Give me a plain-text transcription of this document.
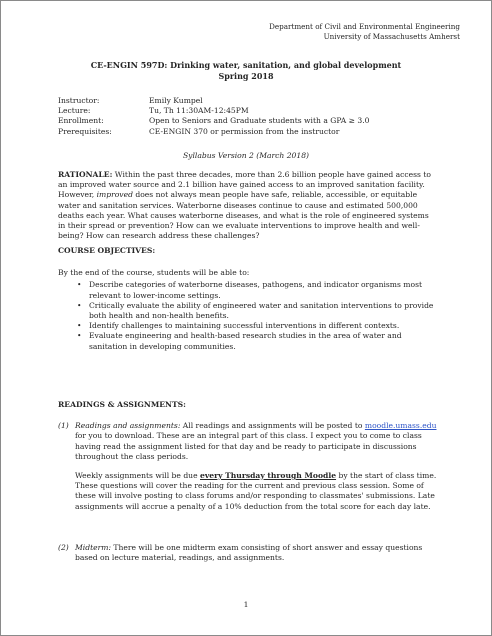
Department of Civil and Environmental Engineering
University of Massachusetts Amherst
CE-ENGIN 597D: Drinking water, sanitation, and global development
Spring 2018
Instructor:	Emily Kumpel
Lecture:	Tu, Th 11:30AM-12:45PM
Enrollment:	Open to Seniors and Graduate students with a GPA ≥ 3.0
Prerequisites:	CE-ENGIN 370 or permission from the instructor
Syllabus Version 2 (March 2018)
RATIONALE: Within the past three decades, more than 2.6 billion people have gained access to an improved water source and 2.1 billion have gained access to an improved sanitation facility. However, improved does not always mean people have safe, reliable, accessible, or equitable water and sanitation services. Waterborne diseases continue to cause and estimated 500,000 deaths each year. What causes waterborne diseases, and what is the role of engineered systems in their spread or prevention? How can we evaluate interventions to improve health and well-being? How can research address these challenges?
COURSE OBJECTIVES:
By the end of the course, students will be able to:
• Describe categories of waterborne diseases, pathogens, and indicator organisms most relevant to lower-income settings.
• Critically evaluate the ability of engineered water and sanitation interventions to provide both health and non-health benefits.
• Identify challenges to maintaining successful interventions in different contexts.
• Evaluate engineering and health-based research studies in the area of water and sanitation in developing communities.
READINGS & ASSIGNMENTS:
(1) Readings and assignments: All readings and assignments will be posted to moodle.umass.edu for you to download. These are an integral part of this class. I expect you to come to class having read the assignment listed for that day and be ready to participate in discussions throughout the class periods.
Weekly assignments will be due every Thursday through Moodle by the start of class time. These questions will cover the reading for the current and previous class session. Some of these will involve posting to class forums and/or responding to classmates' submissions. Late assignments will accrue a penalty of a 10% deduction from the total score for each day late.
(2) Midterm: There will be one midterm exam consisting of short answer and essay questions based on lecture material, readings, and assignments.
1
